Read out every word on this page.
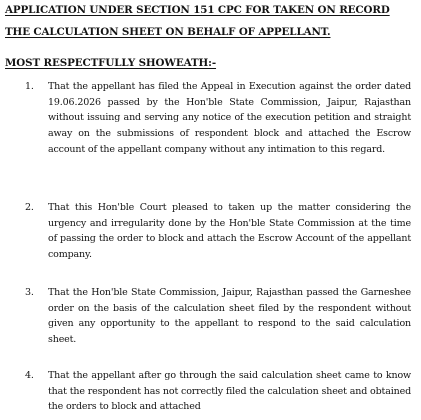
APPLICATION UNDER SECTION 151 CPC FOR TAKEN ON RECORD
THE CALCULATION SHEET ON BEHALF OF APPELLANT.
MOST RESPECTFULLY SHOWEATH:-
1. That the appellant has filed the Appeal in Execution against the order dated 19.06.2026 passed by the Hon'ble State Commission, Jaipur, Rajasthan without issuing and serving any notice of the execution petition and straight away on the submissions of respondent block and attached the Escrow account of the appellant company without any intimation to this regard.

2. That this Hon'ble Court pleased to taken up the matter considering the urgency and irregularity done by the Hon'ble State Commission at the time of passing the order to block and attach the Escrow Account of the appellant company.

3. That the Hon'ble State Commission, Jaipur, Rajasthan passed the Garneshee order on the basis of the calculation sheet filed by the respondent without given any opportunity to the appellant to respond to the said calculation sheet.

4. That the appellant after go through the said calculation sheet came to know that the respondent has not correctly filed the calculation sheet and obtained the orders to block and attached
